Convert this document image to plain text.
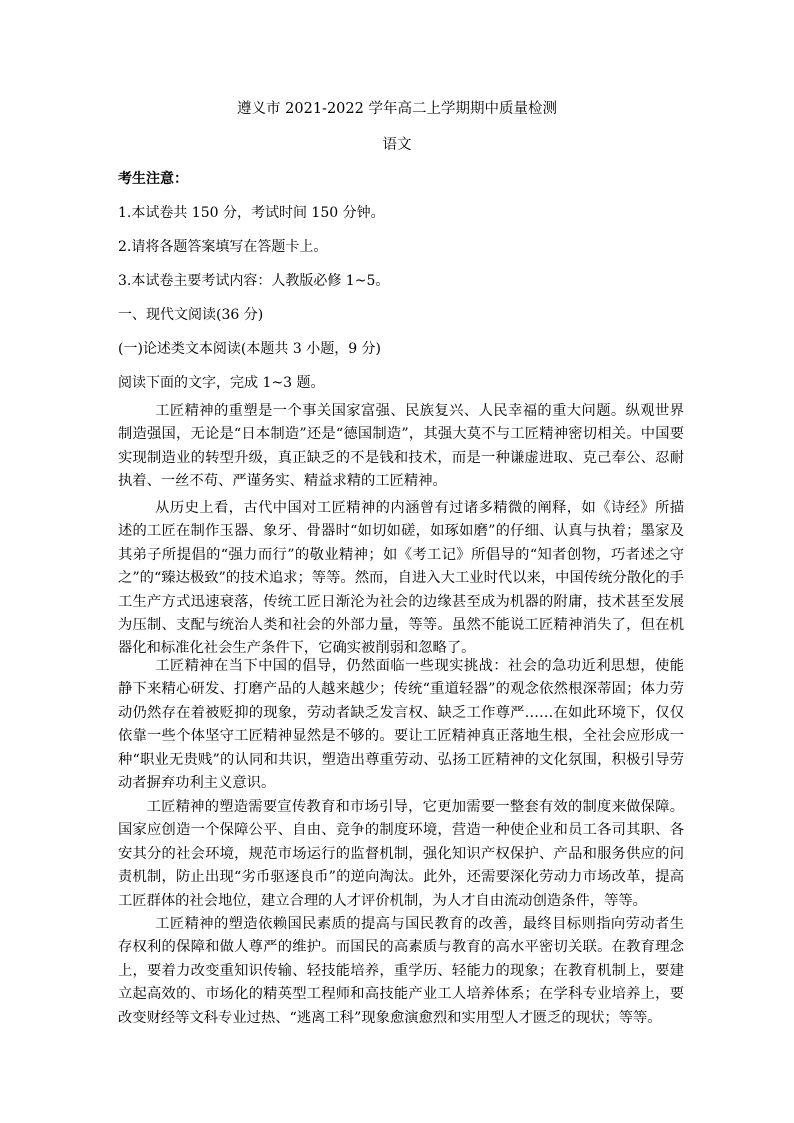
遵义市 2021-2022 学年高二上学期期中质量检测
语文
考生注意：
1.本试卷共 150 分，考试时间 150 分钟。
2.请将各题答案填写在答题卡上。
3.本试卷主要考试内容：人教版必修 1~5。
一、现代文阅读(36 分)
(一)论述类文本阅读(本题共 3 小题，9 分)
阅读下面的文字，完成 1~3 题。

工匠精神的重塑是一个事关国家富强、民族复兴、人民幸福的重大问题。纵观世界制造强国，无论是“日本制造”还是“德国制造”，其强大莫不与工匠精神密切相关。中国要实现制造业的转型升级，真正缺乏的不是钱和技术，而是一种谦虚进取、克己奉公、忍耐执着、一丝不苟、严谨务实、精益求精的工匠精神。

从历史上看，古代中国对工匠精神的内涵曾有过诸多精微的阐释，如《诗经》所描述的工匠在制作玉器、象牙、骨器时“如切如磋，如琢如磨”的仔细、认真与执着；墨家及其弟子所提倡的“强力而行”的敬业精神；如《考工记》所倡导的“知者创物，巧者述之守之”的“臻达极致”的技术追求；等等。然而，自进入大工业时代以来，中国传统分散化的手工生产方式迅速衰落，传统工匠日渐沦为社会的边缘甚至成为机器的附庸，技术甚至发展为压制、支配与统治人类和社会的外部力量，等等。虽然不能说工匠精神消失了，但在机器化和标准化社会生产条件下，它确实被削弱和忽略了。

工匠精神在当下中国的倡导，仍然面临一些现实挑战：社会的急功近利思想，使能静下来精心研发、打磨产品的人越来越少；传统“重道轻器”的观念依然根深蒂固；体力劳动仍然存在着被贬抑的现象，劳动者缺乏发言权、缺乏工作尊严……在如此环境下，仅仅依靠一些个体坚守工匠精神显然是不够的。要让工匠精神真正落地生根，全社会应形成一种“职业无贵贱”的认同和共识，塑造出尊重劳动、弘扬工匠精神的文化氛围，积极引导劳动者摒弃功利主义意识。

工匠精神的塑造需要宣传教育和市场引导，它更加需要一整套有效的制度来做保障。国家应创造一个保障公平、自由、竞争的制度环境，营造一种使企业和员工各司其职、各安其分的社会环境，规范市场运行的监督机制，强化知识产权保护、产品和服务供应的问责机制，防止出现“劣币驱逐良币”的逆向淘汰。此外，还需要深化劳动力市场改革，提高工匠群体的社会地位，建立合理的人才评价机制，为人才自由流动创造条件，等等。

工匠精神的塑造依赖国民素质的提高与国民教育的改善，最终目标则指向劳动者生存权利的保障和做人尊严的维护。而国民的高素质与教育的高水平密切关联。在教育理念上，要着力改变重知识传输、轻技能培养，重学历、轻能力的现象；在教育机制上，要建立起高效的、市场化的精英型工程师和高技能产业工人培养体系；在学科专业培养上，要改变财经等文科专业过热、“逃离工科”现象愈演愈烈和实用型人才匮乏的现状；等等。
